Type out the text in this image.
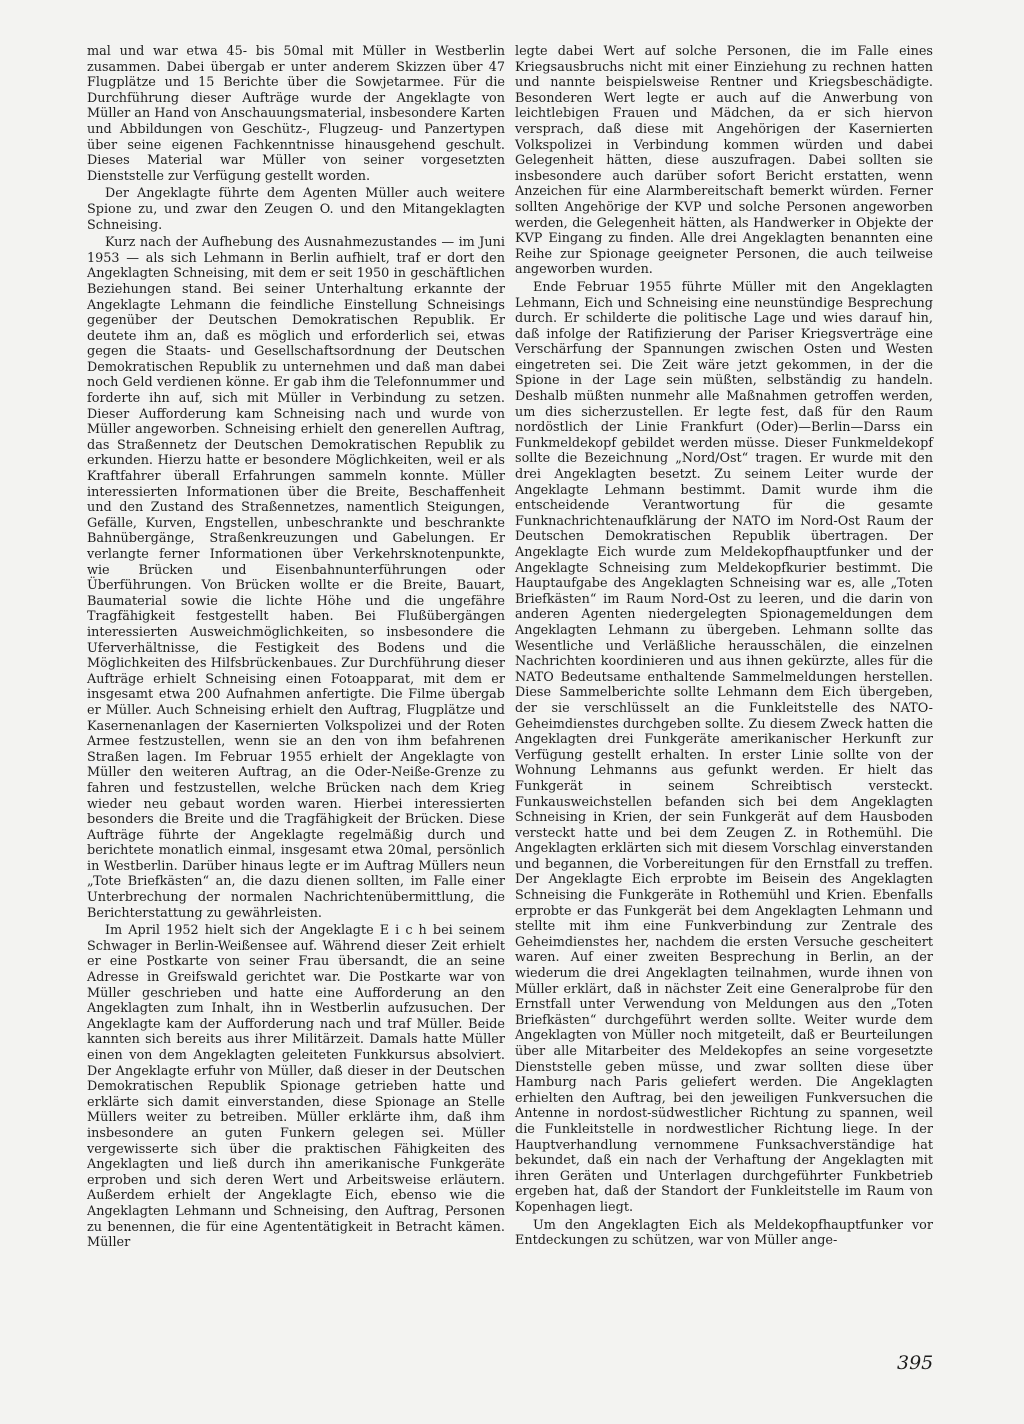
mal und war etwa 45- bis 50mal mit Müller in Westberlin zusammen. Dabei übergab er unter anderem Skizzen über 47 Flugplätze und 15 Berichte über die Sowjetarmee. Für die Durchführung dieser Aufträge wurde der Angeklagte von Müller an Hand von Anschauungsmaterial, insbesondere Karten und Abbildungen von Geschütz-, Flugzeug- und Panzertypen über seine eigenen Fachkenntnisse hinausgehend geschult. Dieses Material war Müller von seiner vorgesetzten Dienststelle zur Verfügung gestellt worden.

Der Angeklagte führte dem Agenten Müller auch weitere Spione zu, und zwar den Zeugen O. und den Mitangeklagten Schneising.

Kurz nach der Aufhebung des Ausnahmezustandes — im Juni 1953 — als sich Lehmann in Berlin aufhielt, traf er dort den Angeklagten Schneising, mit dem er seit 1950 in geschäftlichen Beziehungen stand. Bei seiner Unterhaltung erkannte der Angeklagte Lehmann die feindliche Einstellung Schneisings gegenüber der Deutschen Demokratischen Republik. Er deutete ihm an, daß es möglich und erforderlich sei, etwas gegen die Staats- und Gesellschaftsordnung der Deutschen Demokratischen Republik zu unternehmen und daß man dabei noch Geld verdienen könne. Er gab ihm die Telefonnummer und forderte ihn auf, sich mit Müller in Verbindung zu setzen. Dieser Aufforderung kam Schneising nach und wurde von Müller angeworben. Schneising erhielt den generellen Auftrag, das Straßennetz der Deutschen Demokratischen Republik zu erkunden. Hierzu hatte er besondere Möglichkeiten, weil er als Kraftfahrer überall Erfahrungen sammeln konnte. Müller interessierten Informationen über die Breite, Beschaffenheit und den Zustand des Straßennetzes, namentlich Steigungen, Gefälle, Kurven, Engstellen, unbeschrankte und beschrankte Bahnübergänge, Straßenkreuzungen und Gabelungen. Er verlangte ferner Informationen über Verkehrsknotenpunkte, wie Brücken und Eisenbahnunterführungen oder Überführungen. Von Brücken wollte er die Breite, Bauart, Baumaterial sowie die lichte Höhe und die ungefähre Tragfähigkeit festgestellt haben. Bei Flußübergängen interessierten Ausweichmöglichkeiten, so insbesondere die Uferverhältnisse, die Festigkeit des Bodens und die Möglichkeiten des Hilfsbrückenbaues. Zur Durchführung dieser Aufträge erhielt Schneising einen Fotoapparat, mit dem er insgesamt etwa 200 Aufnahmen anfertigte. Die Filme übergab er Müller. Auch Schneising erhielt den Auftrag, Flugplätze und Kasernenanlagen der Kasernierten Volkspolizei und der Roten Armee festzustellen, wenn sie an den von ihm befahrenen Straßen lagen. Im Februar 1955 erhielt der Angeklagte von Müller den weiteren Auftrag, an die Oder-Neiße-Grenze zu fahren und festzustellen, welche Brücken nach dem Krieg wieder neu gebaut worden waren. Hierbei interessierten besonders die Breite und die Tragfähigkeit der Brücken. Diese Aufträge führte der Angeklagte regelmäßig durch und berichtete monatlich einmal, insgesamt etwa 20mal, persönlich in Westberlin. Darüber hinaus legte er im Auftrag Müllers neun „Tote Briefkästen“ an, die dazu dienen sollten, im Falle einer Unterbrechung der normalen Nachrichtenübermittlung, die Berichterstattung zu gewährleisten.

Im April 1952 hielt sich der Angeklagte E i c h bei seinem Schwager in Berlin-Weißensee auf. Während dieser Zeit erhielt er eine Postkarte von seiner Frau übersandt, die an seine Adresse in Greifswald gerichtet war. Die Postkarte war von Müller geschrieben und hatte eine Aufforderung an den Angeklagten zum Inhalt, ihn in Westberlin aufzusuchen. Der Angeklagte kam der Aufforderung nach und traf Müller. Beide kannten sich bereits aus ihrer Militärzeit. Damals hatte Müller einen von dem Angeklagten geleiteten Funkkursus absolviert. Der Angeklagte erfuhr von Müller, daß dieser in der Deutschen Demokratischen Republik Spionage getrieben hatte und erklärte sich damit einverstanden, diese Spionage an Stelle Müllers weiter zu betreiben. Müller erklärte ihm, daß ihm insbesondere an guten Funkern gelegen sei. Müller vergewisserte sich über die praktischen Fähigkeiten des Angeklagten und ließ durch ihn amerikanische Funkgeräte erproben und sich deren Wert und Arbeitsweise erläutern. Außerdem erhielt der Angeklagte Eich, ebenso wie die Angeklagten Lehmann und Schneising, den Auftrag, Personen zu benennen, die für eine Agententätigkeit in Betracht kämen. Müller

legte dabei Wert auf solche Personen, die im Falle eines Kriegsausbruchs nicht mit einer Einziehung zu rechnen hatten und nannte beispielsweise Rentner und Kriegsbeschädigte. Besonderen Wert legte er auch auf die Anwerbung von leichtlebigen Frauen und Mädchen, da er sich hiervon versprach, daß diese mit Angehörigen der Kasernierten Volkspolizei in Verbindung kommen würden und dabei Gelegenheit hätten, diese auszufragen. Dabei sollten sie insbesondere auch darüber sofort Bericht erstatten, wenn Anzeichen für eine Alarmbereitschaft bemerkt würden. Ferner sollten Angehörige der KVP und solche Personen angeworben werden, die Gelegenheit hätten, als Handwerker in Objekte der KVP Eingang zu finden. Alle drei Angeklagten benannten eine Reihe zur Spionage geeigneter Personen, die auch teilweise angeworben wurden.

Ende Februar 1955 führte Müller mit den Angeklagten Lehmann, Eich und Schneising eine neunstündige Besprechung durch. Er schilderte die politische Lage und wies darauf hin, daß infolge der Ratifizierung der Pariser Kriegsverträge eine Verschärfung der Spannungen zwischen Osten und Westen eingetreten sei. Die Zeit wäre jetzt gekommen, in der die Spione in der Lage sein müßten, selbständig zu handeln. Deshalb müßten nunmehr alle Maßnahmen getroffen werden, um dies sicherzustellen. Er legte fest, daß für den Raum nordöstlich der Linie Frankfurt (Oder)—Berlin—Darss ein Funkmeldekopf gebildet werden müsse. Dieser Funkmeldekopf sollte die Bezeichnung „Nord/Ost“ tragen. Er wurde mit den drei Angeklagten besetzt. Zu seinem Leiter wurde der Angeklagte Lehmann bestimmt. Damit wurde ihm die entscheidende Verantwortung für die gesamte Funknachrichtenaufklärung der NATO im Nord-Ost Raum der Deutschen Demokratischen Republik übertragen. Der Angeklagte Eich wurde zum Meldekopfhauptfunker und der Angeklagte Schneising zum Meldekopfkurier bestimmt. Die Hauptaufgabe des Angeklagten Schneising war es, alle „Toten Briefkästen“ im Raum Nord-Ost zu leeren, und die darin von anderen Agenten niedergelegten Spionagemeldungen dem Angeklagten Lehmann zu übergeben. Lehmann sollte das Wesentliche und Verläßliche herausschälen, die einzelnen Nachrichten koordinieren und aus ihnen gekürzte, alles für die NATO Bedeutsame enthaltende Sammelmeldungen herstellen. Diese Sammelberichte sollte Lehmann dem Eich übergeben, der sie verschlüsselt an die Funkleitstelle des NATO-Geheimdienstes durchgeben sollte. Zu diesem Zweck hatten die Angeklagten drei Funkgeräte amerikanischer Herkunft zur Verfügung gestellt erhalten. In erster Linie sollte von der Wohnung Lehmanns aus gefunkt werden. Er hielt das Funkgerät in seinem Schreibtisch versteckt. Funkausweichstellen befanden sich bei dem Angeklagten Schneising in Krien, der sein Funkgerät auf dem Hausboden versteckt hatte und bei dem Zeugen Z. in Rothemühl. Die Angeklagten erklärten sich mit diesem Vorschlag einverstanden und begannen, die Vorbereitungen für den Ernstfall zu treffen. Der Angeklagte Eich erprobte im Beisein des Angeklagten Schneising die Funkgeräte in Rothemühl und Krien. Ebenfalls erprobte er das Funkgerät bei dem Angeklagten Lehmann und stellte mit ihm eine Funkverbindung zur Zentrale des Geheimdienstes her, nachdem die ersten Versuche gescheitert waren. Auf einer zweiten Besprechung in Berlin, an der wiederum die drei Angeklagten teilnahmen, wurde ihnen von Müller erklärt, daß in nächster Zeit eine Generalprobe für den Ernstfall unter Verwendung von Meldungen aus den „Toten Briefkästen“ durchgeführt werden sollte. Weiter wurde dem Angeklagten von Müller noch mitgeteilt, daß er Beurteilungen über alle Mitarbeiter des Meldekopfes an seine vorgesetzte Dienststelle geben müsse, und zwar sollten diese über Hamburg nach Paris geliefert werden. Die Angeklagten erhielten den Auftrag, bei den jeweiligen Funkversuchen die Antenne in nordost-südwestlicher Richtung zu spannen, weil die Funkleitstelle in nordwestlicher Richtung liege. In der Hauptverhandlung vernommene Funksachverständige hat bekundet, daß ein nach der Verhaftung der Angeklagten mit ihren Geräten und Unterlagen durchgeführter Funkbetrieb ergeben hat, daß der Standort der Funkleitstelle im Raum von Kopenhagen liegt.

Um den Angeklagten Eich als Meldekopfhauptfunker vor Entdeckungen zu schützen, war von Müller ange-

395
